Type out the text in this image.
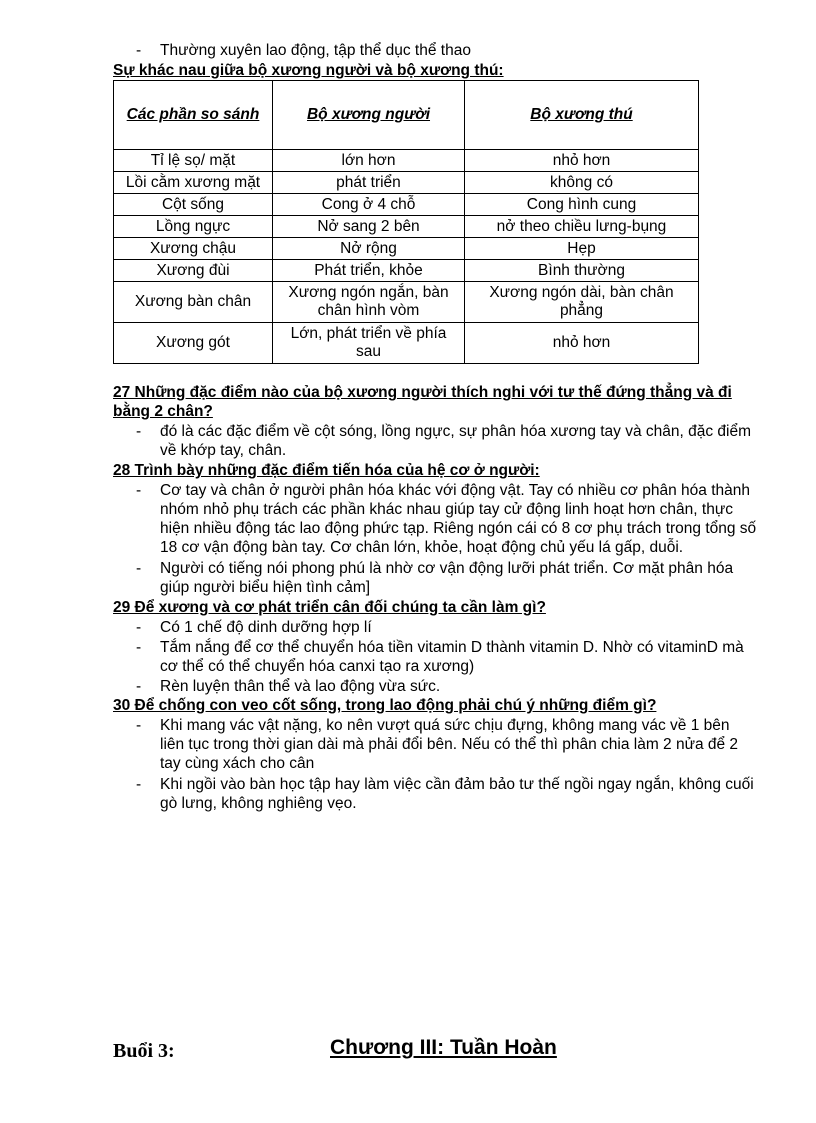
- Thường xuyên lao động, tập thể dục thể thao
Sự khác nau giữa bộ xương người và bộ xương thú:
Các phần so sánh	Bộ xương người	Bộ xương thú
Tỉ lệ sọ/ mặt	lớn hơn	nhỏ hơn
Lồi cằm xương mặt	phát triển	không có
Cột sống	Cong ở 4 chỗ	Cong hình cung
Lồng ngực	Nở sang 2 bên	nở theo chiều lưng-bụng
Xương chậu	Nở rộng	Hẹp
Xương đùi	Phát triển, khỏe	Bình thường
Xương bàn chân	Xương ngón ngắn, bàn chân hình vòm	Xương ngón dài, bàn chân phẳng
Xương gót	Lớn, phát triển về phía sau	nhỏ hơn
27 Những đặc điểm nào của bộ xương người thích nghi với tư thế đứng thẳng và đi
bằng 2 chân?
- đó là các đặc điểm về cột sóng, lồng ngực, sự phân hóa xương tay và chân, đặc điểm
về khớp tay, chân.
28 Trình bày những đặc điểm tiến hóa của hệ cơ ở người:
- Cơ tay và chân ở người phân hóa khác với động vật. Tay có nhiều cơ phân hóa thành
nhóm nhỏ phụ trách các phần khác nhau giúp tay cử động linh hoạt hơn chân, thực
hiện nhiều động tác lao động phức tạp. Riêng ngón cái có 8 cơ phụ trách trong tổng số
18 cơ vận động bàn tay. Cơ chân lớn, khỏe, hoạt động chủ yếu lá gấp, duỗi.
- Người có tiếng nói phong phú là nhờ cơ vận động lưỡi phát triển. Cơ mặt phân hóa
giúp người biểu hiện tình cảm]
29 Để xương và cơ phát triển cân đối chúng ta cần làm gì?
- Có 1 chế độ dinh dưỡng hợp lí
- Tắm nắng để cơ thể chuyển hóa tiền vitamin D thành vitamin D. Nhờ có vitaminD mà
cơ thể có thể chuyển hóa canxi tạo ra xương)
- Rèn luyện thân thể và lao động vừa sức.
30 Để chống con veo cốt sống, trong lao động phải chú ý những điểm gì?
- Khi mang vác vật nặng, ko nên vượt quá sức chịu đựng, không mang vác về 1 bên
liên tục trong thời gian dài mà phải đổi bên. Nếu có thể thì phân chia làm 2 nửa để 2
tay cùng xách cho cân
- Khi ngồi vào bàn học tập hay làm việc cần đảm bảo tư thế ngồi ngay ngắn, không cuối
gò lưng, không nghiêng vẹo.
Buổi 3:	Chương III: Tuần Hoàn
